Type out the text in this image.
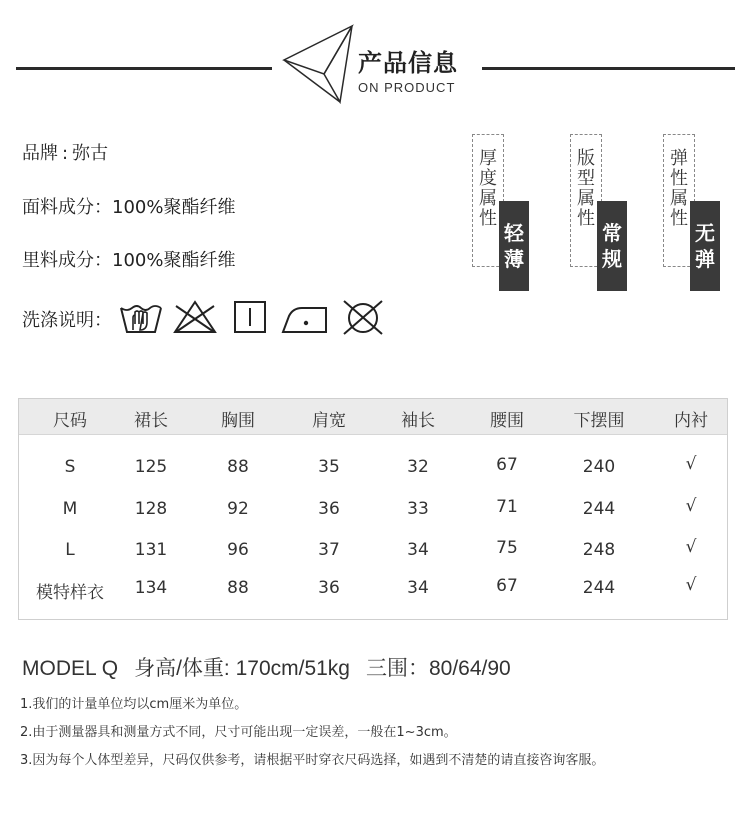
产品信息
ON PRODUCT
品牌 : 弥古
面料成分：100%聚酯纤维
里料成分：100%聚酯纤维
洗涤说明：
厚度属性
轻薄
版型属性
常规
弹性属性
无弹
尺码	裙长	胸围	肩宽	袖长	腰围	下摆围	内衬
S	125	88	35	32	67	240	√
M	128	92	36	33	71	244	√
L	131	96	37	34	75	248	√
模特样衣	134	88	36	34	67	244	√
MODEL Q 身高/体重: 170cm/51kg 三围：80/64/90
1.我们的计量单位均以cm厘米为单位。
2.由于测量器具和测量方式不同，尺寸可能出现一定误差，一般在1~3cm。
3.因为每个人体型差异，尺码仅供参考，请根据平时穿衣尺码选择，如遇到不清楚的请直接咨询客服。
